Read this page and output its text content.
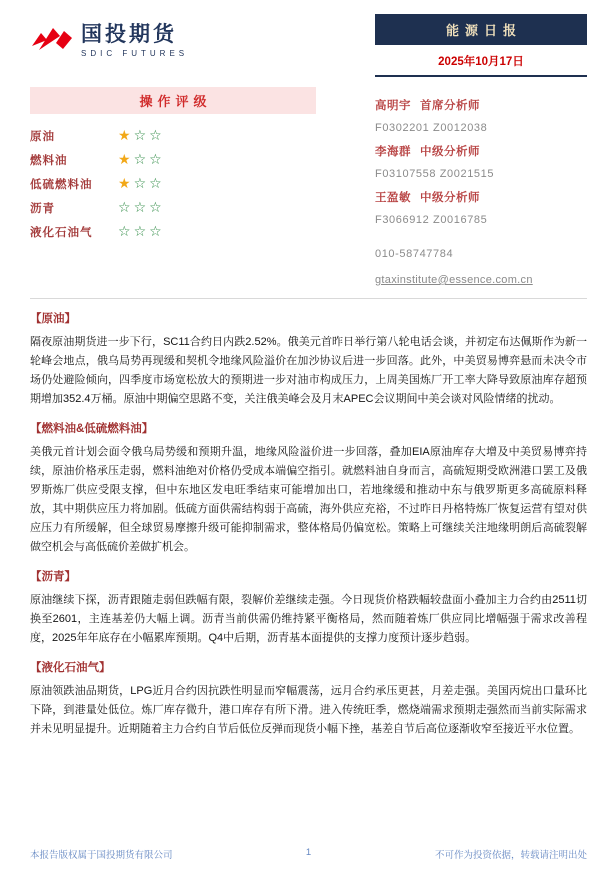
国投期货
SDIC FUTURES
能源日报
2025年10月17日
操作评级
原油	★ ☆ ☆
燃料油	★ ☆ ☆
低硫燃料油	★ ☆ ☆
沥青	☆ ☆ ☆
液化石油气	☆ ☆ ☆
高明宇 首席分析师
F0302201 Z0012038
李海群 中级分析师
F03107558 Z0021515
王盈敏 中级分析师
F3066912 Z0016785
010-58747784
gtaxinstitute@essence.com.cn
【原油】

隔夜原油期货进一步下行，SC11合约日内跌2.52%。俄美元首昨日举行第八轮电话会谈，并初定布达佩斯作为新一轮峰会地点，俄乌局势再现缓和契机令地缘风险溢价在加沙协议后进一步回落。此外，中美贸易博弈悬而未决令市场仍处避险倾向，四季度市场宽松放大的预期进一步对油市构成压力，上周美国炼厂开工率大降导致原油库存超预期增加352.4万桶。原油中期偏空思路不变，关注俄美峰会及月末APEC会议期间中美会谈对风险情绪的扰动。

【燃料油&低硫燃料油】

美俄元首计划会面令俄乌局势缓和预期升温，地缘风险溢价进一步回落，叠加EIA原油库存大增及中美贸易博弈持续，原油价格承压走弱，燃料油绝对价格仍受成本端偏空指引。就燃料油自身而言，高硫短期受欧洲港口罢工及俄罗斯炼厂供应受限支撑，但中东地区发电旺季结束可能增加出口，若地缘缓和推动中东与俄罗斯更多高硫原料释放，其中期供应压力将加剧。低硫方面供需结构弱于高硫，海外供应充裕，不过昨日丹格特炼厂恢复运营有望对供应压力有所缓解，但全球贸易摩擦升级可能抑制需求，整体格局仍偏宽松。策略上可继续关注地缘明朗后高硫裂解做空机会与高低硫价差做扩机会。

【沥青】

原油继续下探，沥青跟随走弱但跌幅有限，裂解价差继续走强。今日现货价格跌幅较盘面小叠加主力合约由2511切换至2601，主连基差仍大幅上调。沥青当前供需仍维持紧平衡格局，然而随着炼厂供应同比增幅强于需求改善程度，2025年年底存在小幅累库预期。Q4中后期，沥青基本面提供的支撑力度预计逐步趋弱。

【液化石油气】

原油领跌油品期货，LPG近月合约因抗跌性明显而窄幅震荡，远月合约承压更甚，月差走强。美国丙烷出口量环比下降，到港量处低位。炼厂库存微升，港口库存有所下滑。进入传统旺季，燃烧端需求预期走强然而当前实际需求并未见明显提升。近期随着主力合约自节后低位反弹而现货小幅下挫，基差自节后高位逐渐收窄至接近平水位置。

本报告版权属于国投期货有限公司	1	不可作为投资依据，转载请注明出处
